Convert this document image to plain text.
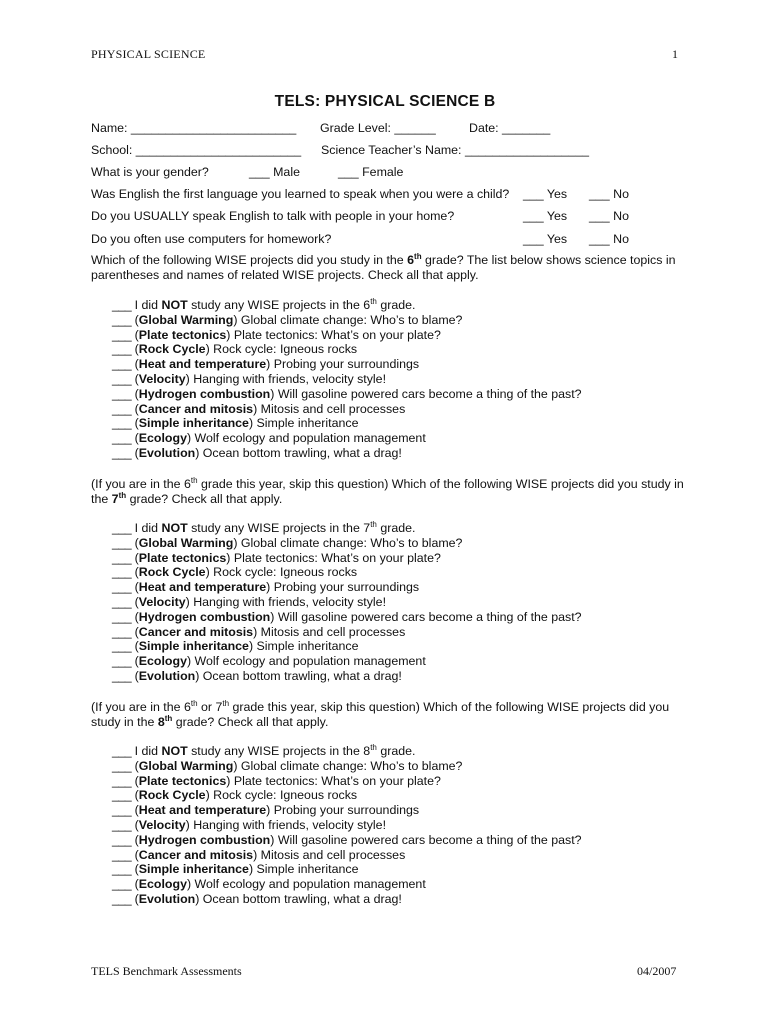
PHYSICAL SCIENCE	1
TELS: PHYSICAL SCIENCE B
Name: ________________________ Grade Level: ______	Date: _______
School: ________________________ Science Teacher’s Name: __________________
What is your gender?	___ Male	___ Female
Was English the first language you learned to speak when you were a child? ___ Yes ___ No
Do you USUALLY speak English to talk with people in your home?	___ Yes ___ No
Do you often use computers for homework?	___ Yes ___ No
Which of the following WISE projects did you study in the 6th grade? The list below shows science topics in parentheses and names of related WISE projects. Check all that apply.
___ I did NOT study any WISE projects in the 6th grade.
___ (Global Warming) Global climate change: Who’s to blame?
___ (Plate tectonics) Plate tectonics: What’s on your plate?
___ (Rock Cycle) Rock cycle: Igneous rocks
___ (Heat and temperature) Probing your surroundings
___ (Velocity) Hanging with friends, velocity style!
___ (Hydrogen combustion) Will gasoline powered cars become a thing of the past?
___ (Cancer and mitosis) Mitosis and cell processes
___ (Simple inheritance) Simple inheritance
___ (Ecology) Wolf ecology and population management
___ (Evolution) Ocean bottom trawling, what a drag!
(If you are in the 6th grade this year, skip this question) Which of the following WISE projects did you study in the 7th grade? Check all that apply.
___ I did NOT study any WISE projects in the 7th grade.
___ (Global Warming) Global climate change: Who’s to blame?
___ (Plate tectonics) Plate tectonics: What’s on your plate?
___ (Rock Cycle) Rock cycle: Igneous rocks
___ (Heat and temperature) Probing your surroundings
___ (Velocity) Hanging with friends, velocity style!
___ (Hydrogen combustion) Will gasoline powered cars become a thing of the past?
___ (Cancer and mitosis) Mitosis and cell processes
___ (Simple inheritance) Simple inheritance
___ (Ecology) Wolf ecology and population management
___ (Evolution) Ocean bottom trawling, what a drag!
(If you are in the 6th or 7th grade this year, skip this question) Which of the following WISE projects did you study in the 8th grade? Check all that apply.
___ I did NOT study any WISE projects in the 8th grade.
___ (Global Warming) Global climate change: Who’s to blame?
___ (Plate tectonics) Plate tectonics: What’s on your plate?
___ (Rock Cycle) Rock cycle: Igneous rocks
___ (Heat and temperature) Probing your surroundings
___ (Velocity) Hanging with friends, velocity style!
___ (Hydrogen combustion) Will gasoline powered cars become a thing of the past?
___ (Cancer and mitosis) Mitosis and cell processes
___ (Simple inheritance) Simple inheritance
___ (Ecology) Wolf ecology and population management
___ (Evolution) Ocean bottom trawling, what a drag!
TELS Benchmark Assessments	04/2007
